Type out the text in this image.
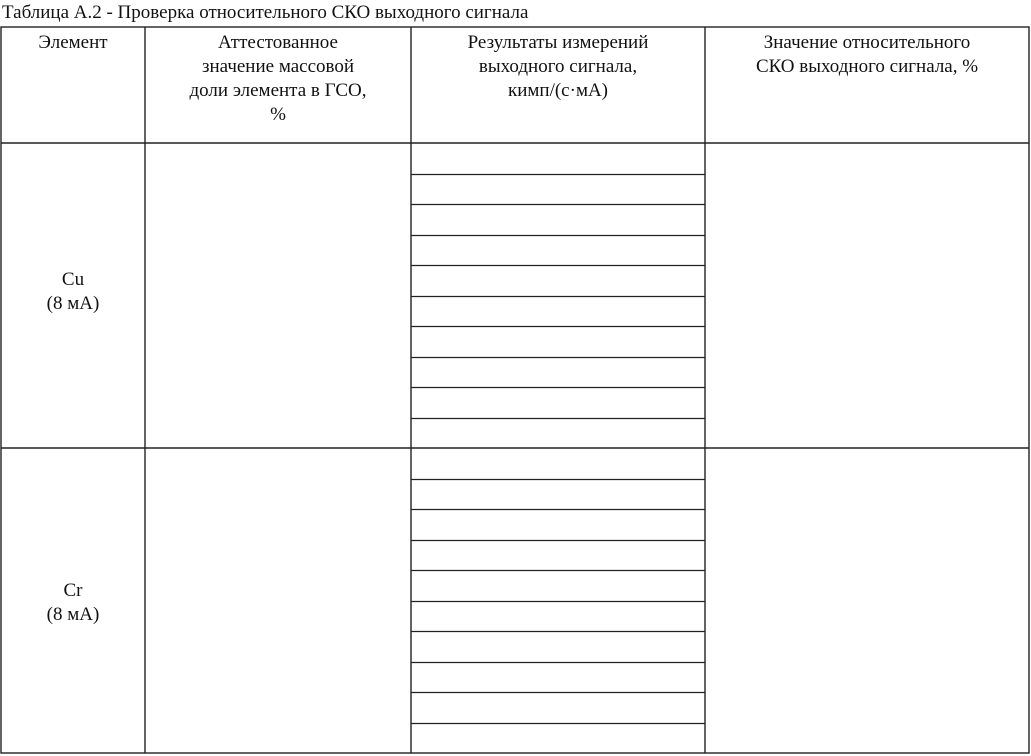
Таблица А.2 - Проверка относительного СКО выходного сигнала
Элемент	Аттестованное
значение массовой
доли элемента в ГСО,
%
Результаты измерений
выходного сигнала,
кимп/(с·мА)
Значение относительного
СКО выходного сигнала, %
Cu
(8 мА)
Cr
(8 мА)
